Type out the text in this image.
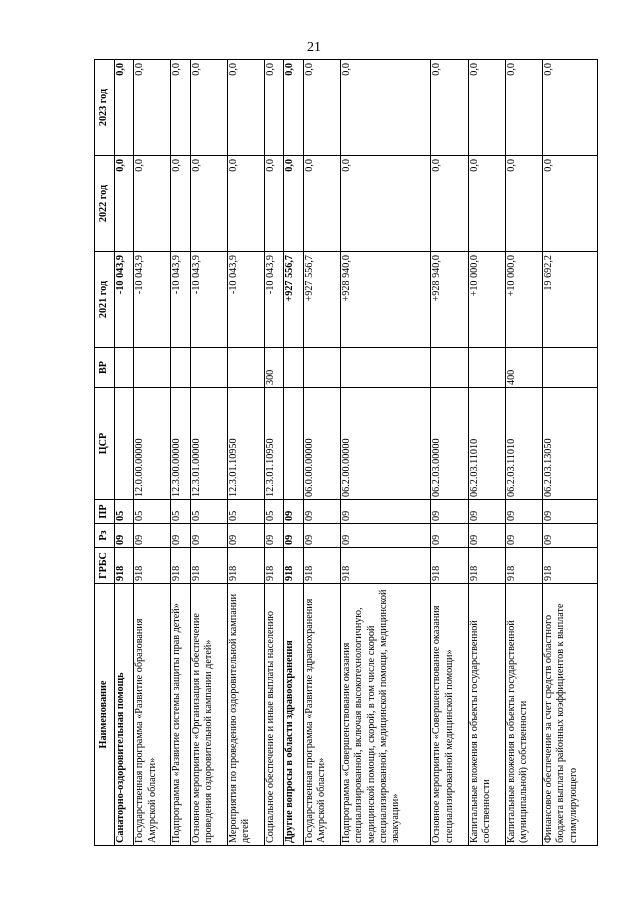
21
Наименование	ГРБС	Рз	ПР	ЦСР	ВР	2021 год	2022 год	2023 год
Санаторно-оздоровительная помощь	918	09	05			-10 043,9	0,0	0,0
Государственная программа «Развитие образования Амурской области»	918	09	05	12.0.00.00000		-10 043,9	0,0	0,0
Подпрограмма «Развитие системы защиты прав детей»	918	09	05	12.3.00.00000		-10 043,9	0,0	0,0
Основное мероприятие «Организация и обеспечение проведения оздоровительной кампании детей»	918	09	05	12.3.01.00000		-10 043,9	0,0	0,0
Мероприятия по проведению оздоровительной кампании детей	918	09	05	12.3.01.10950		-10 043,9	0,0	0,0
Социальное обеспечение и иные выплаты населению	918	09	05	12.3.01.10950	300	-10 043,9	0,0	0,0
Другие вопросы в области здравоохранения	918	09	09			+927 556,7	0,0	0,0
Государственная программа «Развитие здравоохранения Амурской области»	918	09	09	06.0.00.00000		+927 556,7	0,0	0,0
Подпрограмма «Совершенствование оказания специализированной, включая высокотехнологичную, медицинской помощи, скорой, в том числе скорой специализированной, медицинской помощи, медицинской эвакуации»	918	09	09	06.2.00.00000		+928 940,0	0,0	0,0
Основное мероприятие «Совершенствование оказания специализированной медицинской помощи»	918	09	09	06.2.03.00000		+928 940,0	0,0	0,0
Капитальные вложения в объекты государственной собственности	918	09	09	06.2.03.11010		+10 000,0	0,0	0,0
Капитальные вложения в объекты государственной (муниципальной) собственности	918	09	09	06.2.03.11010	400	+10 000,0	0,0	0,0
Финансовое обеспечение за счет средств областного бюджета выплаты районных коэффициентов к выплате стимулирующего	918	09	09	06.2.03.13050		19 692,2	0,0	0,0
